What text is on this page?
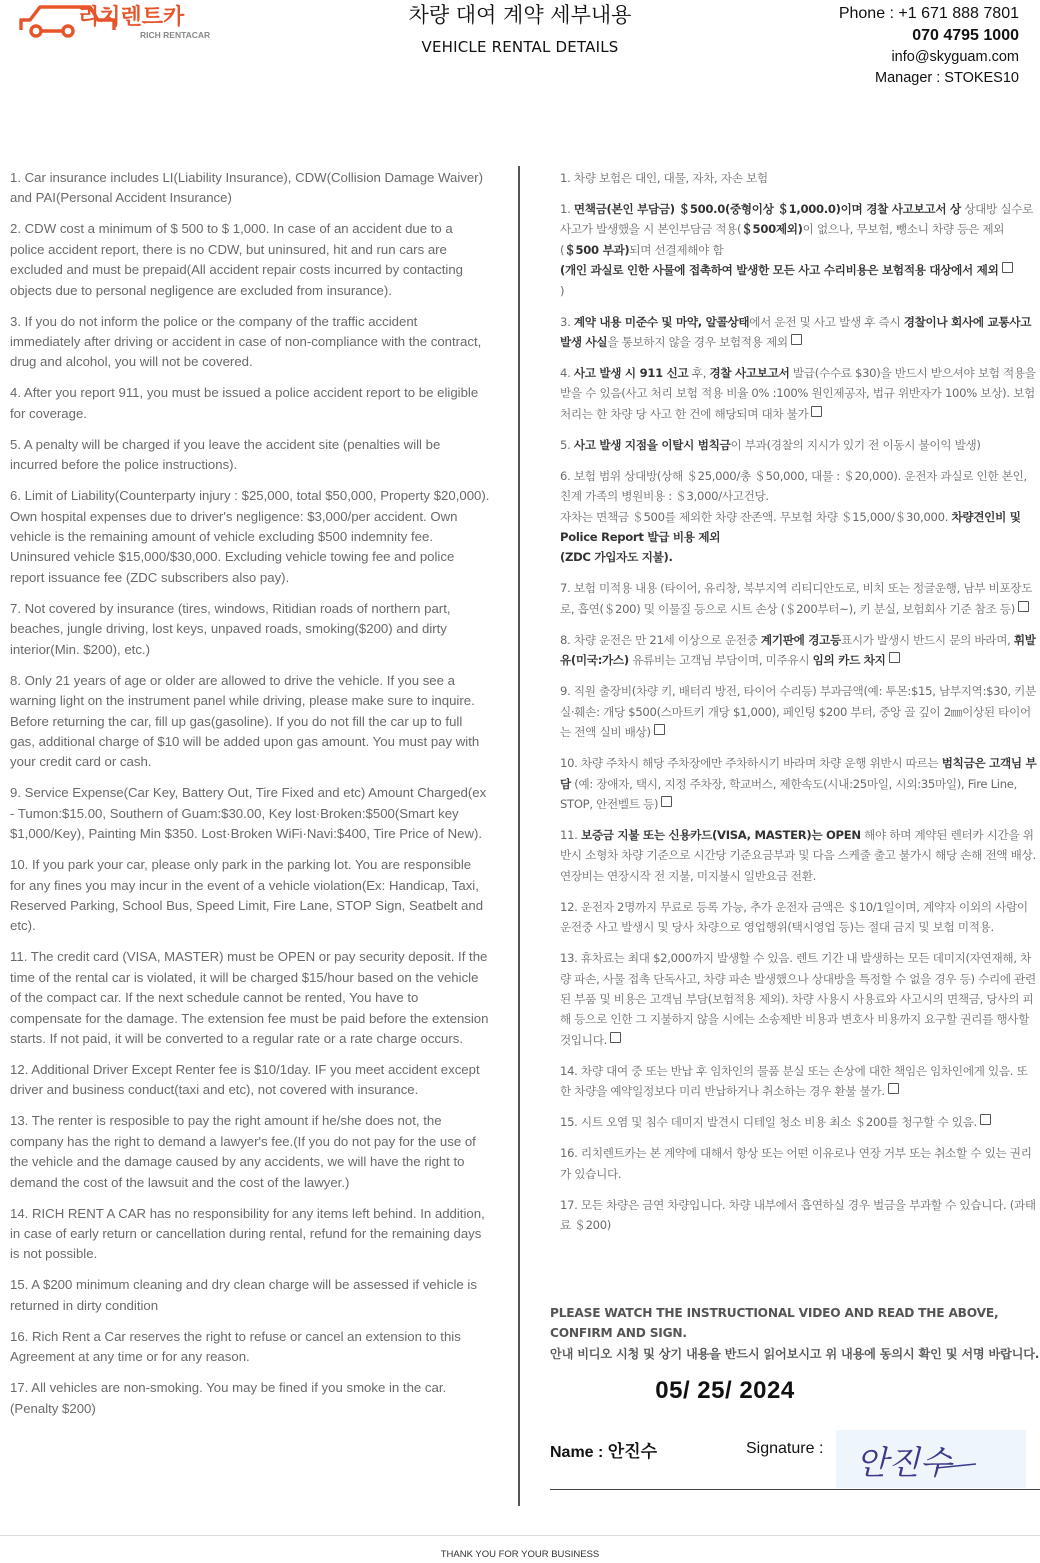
리치렌트카
RICH RENTACAR
차량 대여 계약 세부내용
VEHICLE RENTAL DETAILS
Phone : +1 671 888 7801
070 4795 1000
info@skyguam.com
Manager : STOKES10

1. Car insurance includes LI(Liability Insurance), CDW(Collision Damage Waiver) and PAI(Personal Accident Insurance)

2. CDW cost a minimum of $ 500 to $ 1,000. In case of an accident due to a police accident report, there is no CDW, but uninsured, hit and run cars are excluded and must be prepaid(All accident repair costs incurred by contacting objects due to personal negligence are excluded from insurance).

3. If you do not inform the police or the company of the traffic accident immediately after driving or accident in case of non-compliance with the contract, drug and alcohol, you will not be covered.

4. After you report 911, you must be issued a police accident report to be eligible for coverage.

5. A penalty will be charged if you leave the accident site (penalties will be incurred before the police instructions).

6. Limit of Liability(Counterparty injury : $25,000, total $50,000, Property $20,000). Own hospital expenses due to driver's negligence: $3,000/per accident. Own vehicle is the remaining amount of vehicle excluding $500 indemnity fee. Uninsured vehicle $15,000/$30,000. Excluding vehicle towing fee and police report issuance fee (ZDC subscribers also pay).

7. Not covered by insurance (tires, windows, Ritidian roads of northern part, beaches, jungle driving, lost keys, unpaved roads, smoking($200) and dirty interior(Min. $200), etc.)

8. Only 21 years of age or older are allowed to drive the vehicle. If you see a warning light on the instrument panel while driving, please make sure to inquire. Before returning the car, fill up gas(gasoline). If you do not fill the car up to full gas, additional charge of $10 will be added upon gas amount. You must pay with your credit card or cash.

9. Service Expense(Car Key, Battery Out, Tire Fixed and etc) Amount Charged(ex - Tumon:$15.00, Southern of Guam:$30.00, Key lost·Broken:$500(Smart key $1,000/Key), Painting Min $350. Lost·Broken WiFi·Navi:$400, Tire Price of New).

10. If you park your car, please only park in the parking lot. You are responsible for any fines you may incur in the event of a vehicle violation(Ex: Handicap, Taxi, Reserved Parking, School Bus, Speed Limit, Fire Lane, STOP Sign, Seatbelt and etc).

11. The credit card (VISA, MASTER) must be OPEN or pay security deposit. If the time of the rental car is violated, it will be charged $15/hour based on the vehicle of the compact car. If the next schedule cannot be rented, You have to compensate for the damage. The extension fee must be paid before the extension starts. If not paid, it will be converted to a regular rate or a rate charge occurs.

12. Additional Driver Except Renter fee is $10/1day. IF you meet accident except driver and business conduct(taxi and etc), not covered with insurance.

13. The renter is resposible to pay the right amount if he/she does not, the company has the right to demand a lawyer's fee.(If you do not pay for the use of the vehicle and the damage caused by any accidents, we will have the right to demand the cost of the lawsuit and the cost of the lawyer.)

14. RICH RENT A CAR has no responsibility for any items left behind. In addition, in case of early return or cancellation during rental, refund for the remaining days is not possible.

15. A $200 minimum cleaning and dry clean charge will be assessed if vehicle is returned in dirty condition

16. Rich Rent a Car reserves the right to refuse or cancel an extension to this Agreement at any time or for any reason.

17. All vehicles are non-smoking. You may be fined if you smoke in the car. (Penalty $200)

1. 차량 보험은 대인, 대물, 자차, 자손 보험

1. 면책금(본인 부담금) ＄500.0(중형이상 ＄1,000.0)이며 경찰 사고보고서 상 상대방 실수로 사고가 발생했을 시 본인부담금 적용(＄500제외)이 없으나, 무보험, 뺑소니 차량 등은 제외(＄500 부과)되며 선결제해야 함
(개인 과실로 인한 사물에 접촉하여 발생한 모든 사고 수리비용은 보험적용 대상에서 제외
)

3. 계약 내용 미준수 및 마약, 알콜상태에서 운전 및 사고 발생 후 즉시 경찰이나 회사에 교통사고 발생 사실을 통보하지 않을 경우 보험적용 제외

4. 사고 발생 시 911 신고 후, 경찰 사고보고서 발급(수수료 $30)을 반드시 받으셔야 보험 적용을 받을 수 있음(사고 처리 보험 적용 비율 0% :100% 원인제공자, 법규 위반자가 100% 보상). 보험처리는 한 차량 당 사고 한 건에 해당되며 대차 불가

5. 사고 발생 지점을 이탈시 범칙금이 부과(경찰의 지시가 있기 전 이동시 불이익 발생)

6. 보험 범위 상대방(상해 ＄25,000/총 ＄50,000, 대물 : ＄20,000). 운전자 과실로 인한 본인, 친계 가족의 병원비용 : ＄3,000/사고건당.
자차는 면책금 ＄500를 제외한 차량 잔존액. 무보험 차량 ＄15,000/＄30,000. 차량견인비 및 Police Report 발급 비용 제외
(ZDC 가입자도 지불).

7. 보험 미적용 내용 (타이어, 유리창, 북부지역 리티디안도로, 비치 또는 정글운행, 남부 비포장도로, 흡연(＄200) 및 이물질 등으로 시트 손상 (＄200부터~), 키 분실, 보험회사 기준 참조 등)

8. 차량 운전은 만 21세 이상으로 운전중 계기판에 경고등표시가 발생시 반드시 문의 바라며, 휘발유(미국:가스) 유류비는 고객님 부담이며, 미주유시 임의 카드 차지

9. 직원 출장비(차량 키, 배터리 방전, 타이어 수리등) 부과금액(예: 투몬:$15, 남부지역:$30, 키분실·훼손: 개당 $500(스마트키 개당 $1,000), 페인팅 $200 부터, 중앙 골 깊이 2㎜이상된 타이어는 전액 실비 배상)

10. 차량 주차시 해당 주차장에만 주차하시기 바라며 차량 운행 위반시 따르는 범칙금은 고객님 부담 (예: 장애자, 택시, 지정 주차장, 학교버스, 제한속도(시내:25마일, 시외:35마일), Fire Line, STOP, 안전벨트 등)

11. 보증금 지불 또는 신용카드(VISA, MASTER)는 OPEN 해야 하며 계약된 렌터카 시간을 위반시 소형차 차량 기준으로 시간당 기준요금부과 및 다음 스케줄 출고 불가시 해당 손해 전액 배상. 연장비는 연장시작 전 지불, 미지불시 일반요금 전환.

12. 운전자 2명까지 무료로 등록 가능, 추가 운전자 금액은 ＄10/1일이며, 계약자 이외의 사람이 운전중 사고 발생시 및 당사 차량으로 영업행위(택시영업 등)는 절대 금지 및 보험 미적용.

13. 휴차료는 최대 $2,000까지 발생할 수 있음. 렌트 기간 내 발생하는 모든 데미지(자연재해, 차량 파손, 사물 접촉 단독사고, 차량 파손 발생했으나 상대방을 특정할 수 없을 경우 등) 수리에 관련된 부품 및 비용은 고객님 부담(보험적용 제외). 차량 사용시 사용료와 사고시의 면책금, 당사의 피해 등으로 인한 그 지불하지 않을 시에는 소송제반 비용과 변호사 비용까지 요구할 권리를 행사할 것입니다.

14. 차량 대여 중 또는 반납 후 임차인의 물품 분실 또는 손상에 대한 책임은 임차인에게 있음. 또한 차량을 예약일정보다 미리 반납하거나 취소하는 경우 환불 불가.

15. 시트 오염 및 침수 데미지 발견시 디테일 청소 비용 최소 ＄200를 청구할 수 있음.

16. 리치렌트카는 본 계약에 대해서 항상 또는 어떤 이유로나 연장 거부 또는 취소할 수 있는 권리가 있습니다.

17. 모든 차량은 금연 차량입니다. 차량 내부에서 흡연하실 경우 벌금을 부과할 수 있습니다. (과태료 ＄200)

PLEASE WATCH THE INSTRUCTIONAL VIDEO AND READ THE ABOVE, CONFIRM AND SIGN.
안내 비디오 시청 및 상기 내용을 반드시 읽어보시고 위 내용에 동의시 확인 및 서명 바랍니다.
05/ 25/ 2024
Name : 안진수	Signature : 안진수
THANK YOU FOR YOUR BUSINESS
